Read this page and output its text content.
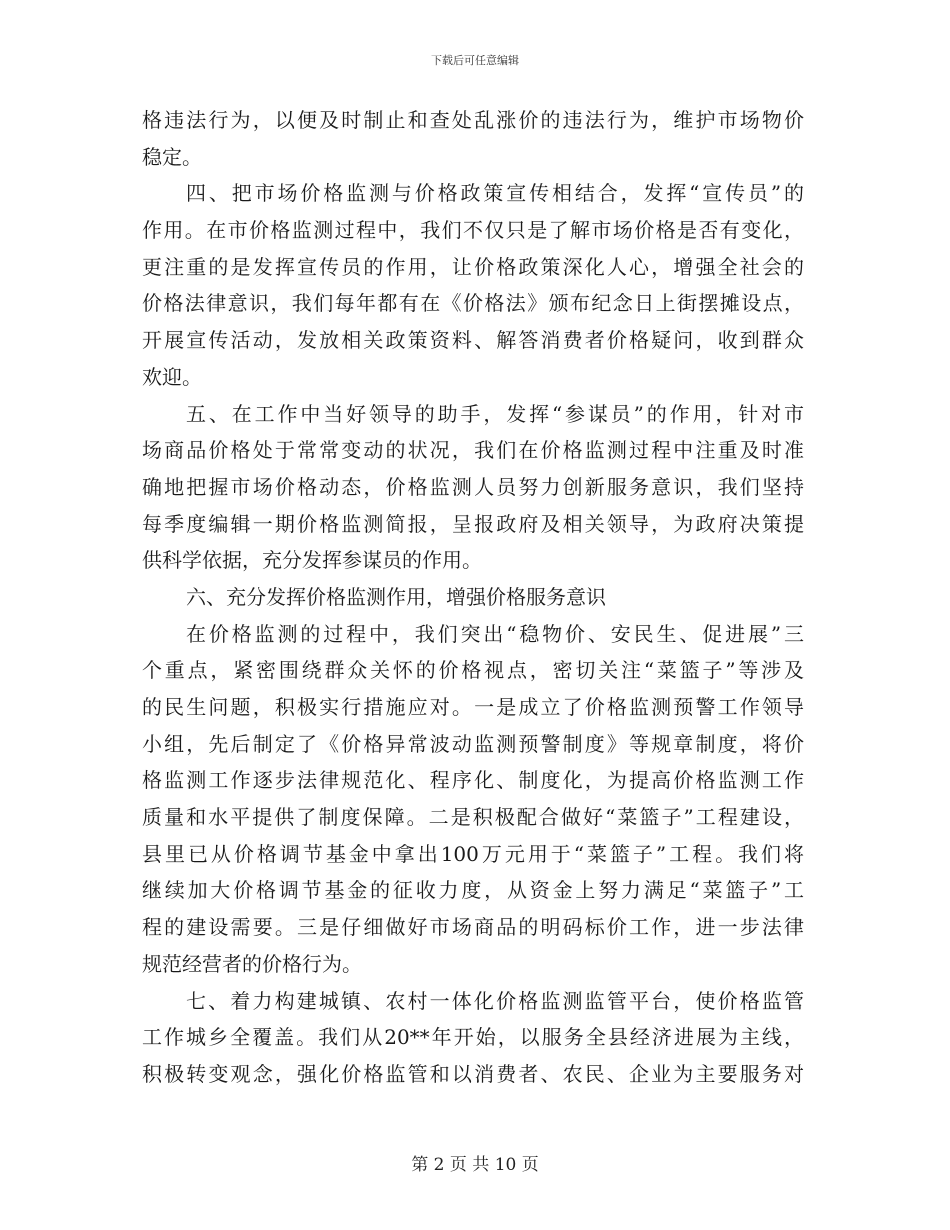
下载后可任意编辑
格违法行为，以便及时制止和查处乱涨价的违法行为，维护市场物价
稳定。
四、把市场价格监测与价格政策宣传相结合，发挥“宣传员”的
作用。在市价格监测过程中，我们不仅只是了解市场价格是否有变化，
更注重的是发挥宣传员的作用，让价格政策深化人心，增强全社会的
价格法律意识，我们每年都有在《价格法》颁布纪念日上街摆摊设点，
开展宣传活动，发放相关政策资料、解答消费者价格疑问，收到群众
欢迎。
五、在工作中当好领导的助手，发挥“参谋员”的作用，针对市
场商品价格处于常常变动的状况，我们在价格监测过程中注重及时准
确地把握市场价格动态，价格监测人员努力创新服务意识，我们坚持
每季度编辑一期价格监测简报，呈报政府及相关领导，为政府决策提
供科学依据，充分发挥参谋员的作用。
六、充分发挥价格监测作用，增强价格服务意识
在价格监测的过程中，我们突出“稳物价、安民生、促进展”三
个重点，紧密围绕群众关怀的价格视点，密切关注“菜篮子”等涉及
的民生问题，积极实行措施应对。一是成立了价格监测预警工作领导
小组，先后制定了《价格异常波动监测预警制度》等规章制度，将价
格监测工作逐步法律规范化、程序化、制度化，为提高价格监测工作
质量和水平提供了制度保障。二是积极配合做好“菜篮子”工程建设，
县里已从价格调节基金中拿出100万元用于“菜篮子”工程。我们将
继续加大价格调节基金的征收力度，从资金上努力满足“菜篮子”工
程的建设需要。三是仔细做好市场商品的明码标价工作，进一步法律
规范经营者的价格行为。
七、着力构建城镇、农村一体化价格监测监管平台，使价格监管
工作城乡全覆盖。我们从20**年开始，以服务全县经济进展为主线，
积极转变观念，强化价格监管和以消费者、农民、企业为主要服务对
第 2 页 共 10 页
